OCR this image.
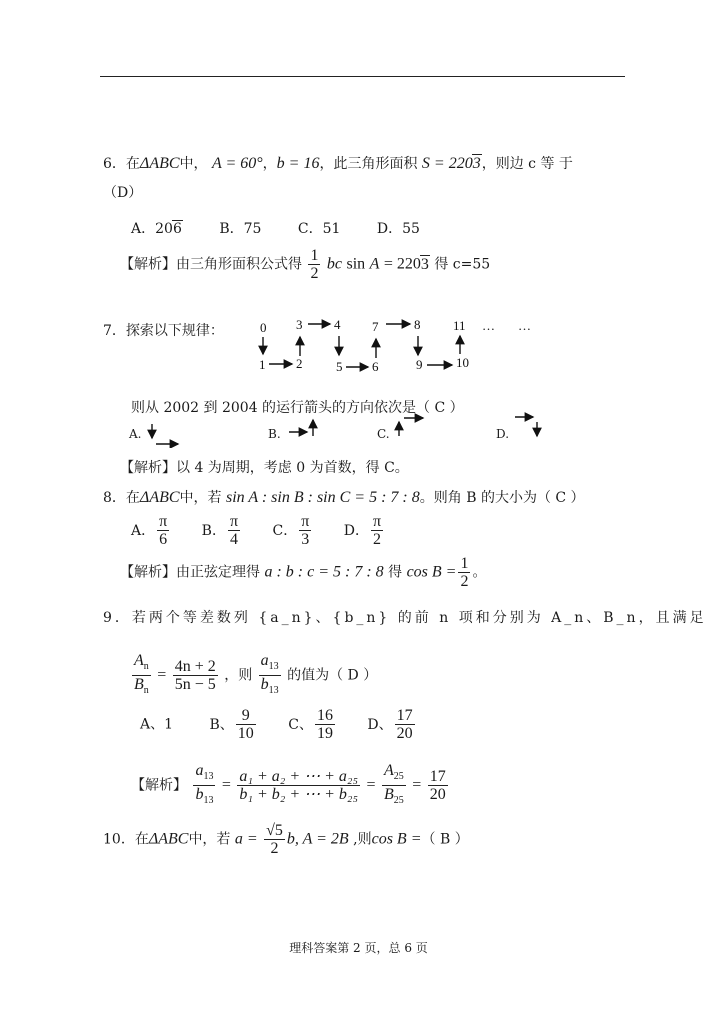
6．在ΔABC中， A = 60°，b = 16，此三角形面积 S = 2203，则边 c 等 于
（D）
A．206	B．75	C．51	D．55
【解析】由三角形面积公式得 $\frac{1}{2}$ bc sin A = 2203 得 c=55
7．探索以下规律：	0 3 4 7	8	11 … …
1 2	5 6	9	10
则从 2002 到 2004 的运行箭头的方向依次是（ C ）
A.	B.	C.	D.
【解析】以 4 为周期，考虑 0 为首数，得 C。
8．在ΔABC中，若 sin A : sin B : sin C = 5 : 7 : 8。则角 B 的大小为（ C ）
A． $\frac{\pi}{6}$ B． $\frac{\pi}{4}$ C． $\frac{\pi}{3}$ D． $\frac{\pi}{2}$
【解析】由正弦定理得 a : b : c = 5 : 7 : 8 得 $\cos B = \frac{1}{2}$ 。
9．若两个等差数列 {a_n}、{b_n} 的前 n 项和分别为 A_n、B_n，且满足
$\frac{A_n}{B_n} = \frac{4n + 2}{5n - 5}$ ，则 $\frac{a_{13}}{b_{13}}$ 的值为（ D ）
A、1	B、 $\frac{9}{10}$ C、 $\frac{16}{19}$ D、 $\frac{17}{20}$
【解析】 $\frac{a_{13}}{b_{13}} = \frac{\text{a₁ + a₂ + ⋯ + a₂₅}}{\text{b₁ + b₂ + ⋯ + b₂₅}} = \frac{A_{25}}{B_{25}} = \frac{17}{20}$
10．在ΔABC中，若 $a = \frac{√5}{2} b$, A = 2B ,则cos B =（ B ）
理科答案第 2 页，总 6 页
